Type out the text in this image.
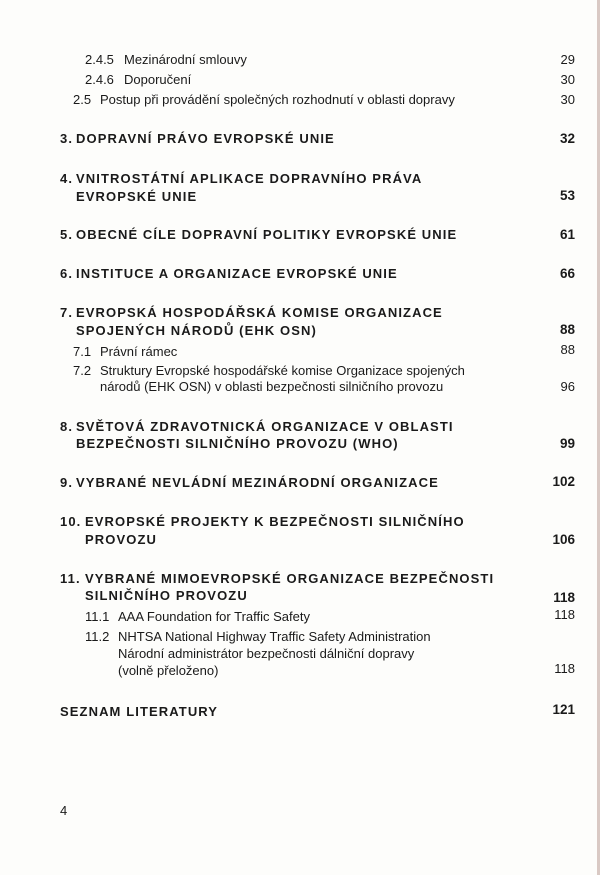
2.4.5 Mezinárodní smlouvy	29
2.4.6 Doporučení	30
2.5 Postup při provádění společných rozhodnutí v oblasti dopravy	30
3. DOPRAVNÍ PRÁVO EVROPSKÉ UNIE	32
4. VNITROSTÁTNÍ APLIKACE DOPRAVNÍHO PRÁVA
EVROPSKÉ UNIE	53
5. OBECNÉ CÍLE DOPRAVNÍ POLITIKY EVROPSKÉ UNIE	61
6. INSTITUCE A ORGANIZACE EVROPSKÉ UNIE	66
7. EVROPSKÁ HOSPODÁŘSKÁ KOMISE ORGANIZACE
SPOJENÝCH NÁRODŮ (EHK OSN)	88
7.1 Právní rámec	88
7.2 Struktury Evropské hospodářské komise Organizace spojených
národů (EHK OSN) v oblasti bezpečnosti silničního provozu	96
8. SVĚTOVÁ ZDRAVOTNICKÁ ORGANIZACE V OBLASTI
BEZPEČNOSTI SILNIČNÍHO PROVOZU (WHO)	99
9. VYBRANÉ NEVLÁDNÍ MEZINÁRODNÍ ORGANIZACE	102
10. EVROPSKÉ PROJEKTY K BEZPEČNOSTI SILNIČNÍHO
PROVOZU	106
11. VYBRANÉ MIMOEVROPSKÉ ORGANIZACE BEZPEČNOSTI
SILNIČNÍHO PROVOZU	118
11.1 AAA Foundation for Traffic Safety	118
11.2 NHTSA National Highway Traffic Safety Administration
Národní administrátor bezpečnosti dálniční dopravy
(volně přeloženo)	118
SEZNAM LITERATURY	121
4
